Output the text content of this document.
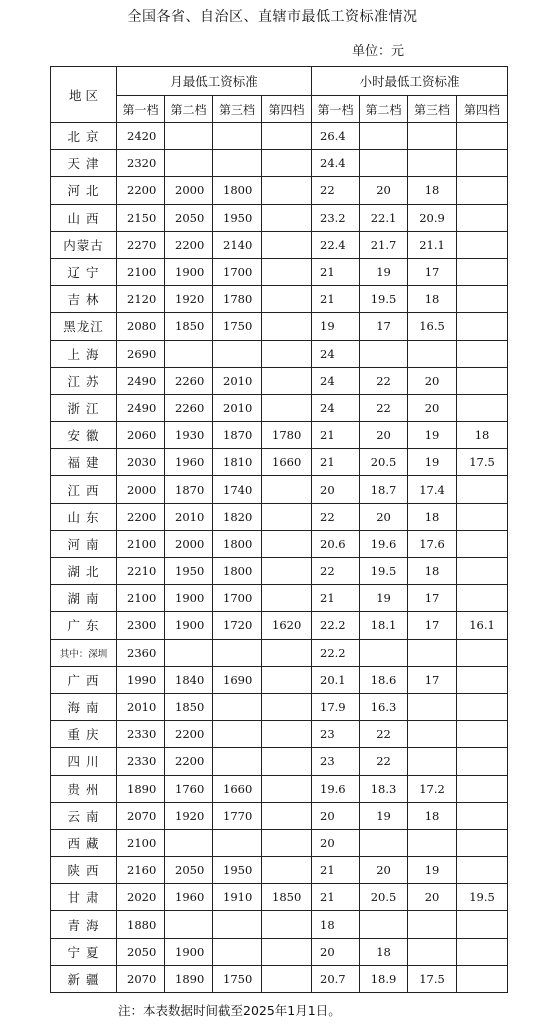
全国各省、自治区、直辖市最低工资标准情况
单位：元
地 区	月最低工资标准				小时最低工资标准			
	第一档	第二档	第三档	第四档	第一档	第二档	第三档	第四档
北 京	2420				26.4			
天 津	2320				24.4			
河 北	2200	2000	1800		22	20	18	
山 西	2150	2050	1950		23.2	22.1	20.9	
内蒙古	2270	2200	2140		22.4	21.7	21.1	
辽 宁	2100	1900	1700		21	19	17	
吉 林	2120	1920	1780		21	19.5	18	
黑龙江	2080	1850	1750		19	17	16.5	
上 海	2690				24			
江 苏	2490	2260	2010		24	22	20	
浙 江	2490	2260	2010		24	22	20	
安 徽	2060	1930	1870	1780	21	20	19	18
福 建	2030	1960	1810	1660	21	20.5	19	17.5
江 西	2000	1870	1740		20	18.7	17.4	
山 东	2200	2010	1820		22	20	18	
河 南	2100	2000	1800		20.6	19.6	17.6	
湖 北	2210	1950	1800		22	19.5	18	
湖 南	2100	1900	1700		21	19	17	
广 东	2300	1900	1720	1620	22.2	18.1	17	16.1
其中：深圳	2360				22.2			
广 西	1990	1840	1690		20.1	18.6	17	
海 南	2010	1850			17.9	16.3		
重 庆	2330	2200			23	22		
四 川	2330	2200			23	22		
贵 州	1890	1760	1660		19.6	18.3	17.2	
云 南	2070	1920	1770		20	19	18	
西 藏	2100				20			
陕 西	2160	2050	1950		21	20	19	
甘 肃	2020	1960	1910	1850	21	20.5	20	19.5
青 海	1880				18			
宁 夏	2050	1900			20	18		
新 疆	2070	1890	1750		20.7	18.9	17.5	
注：本表数据时间截至2025年1月1日。
